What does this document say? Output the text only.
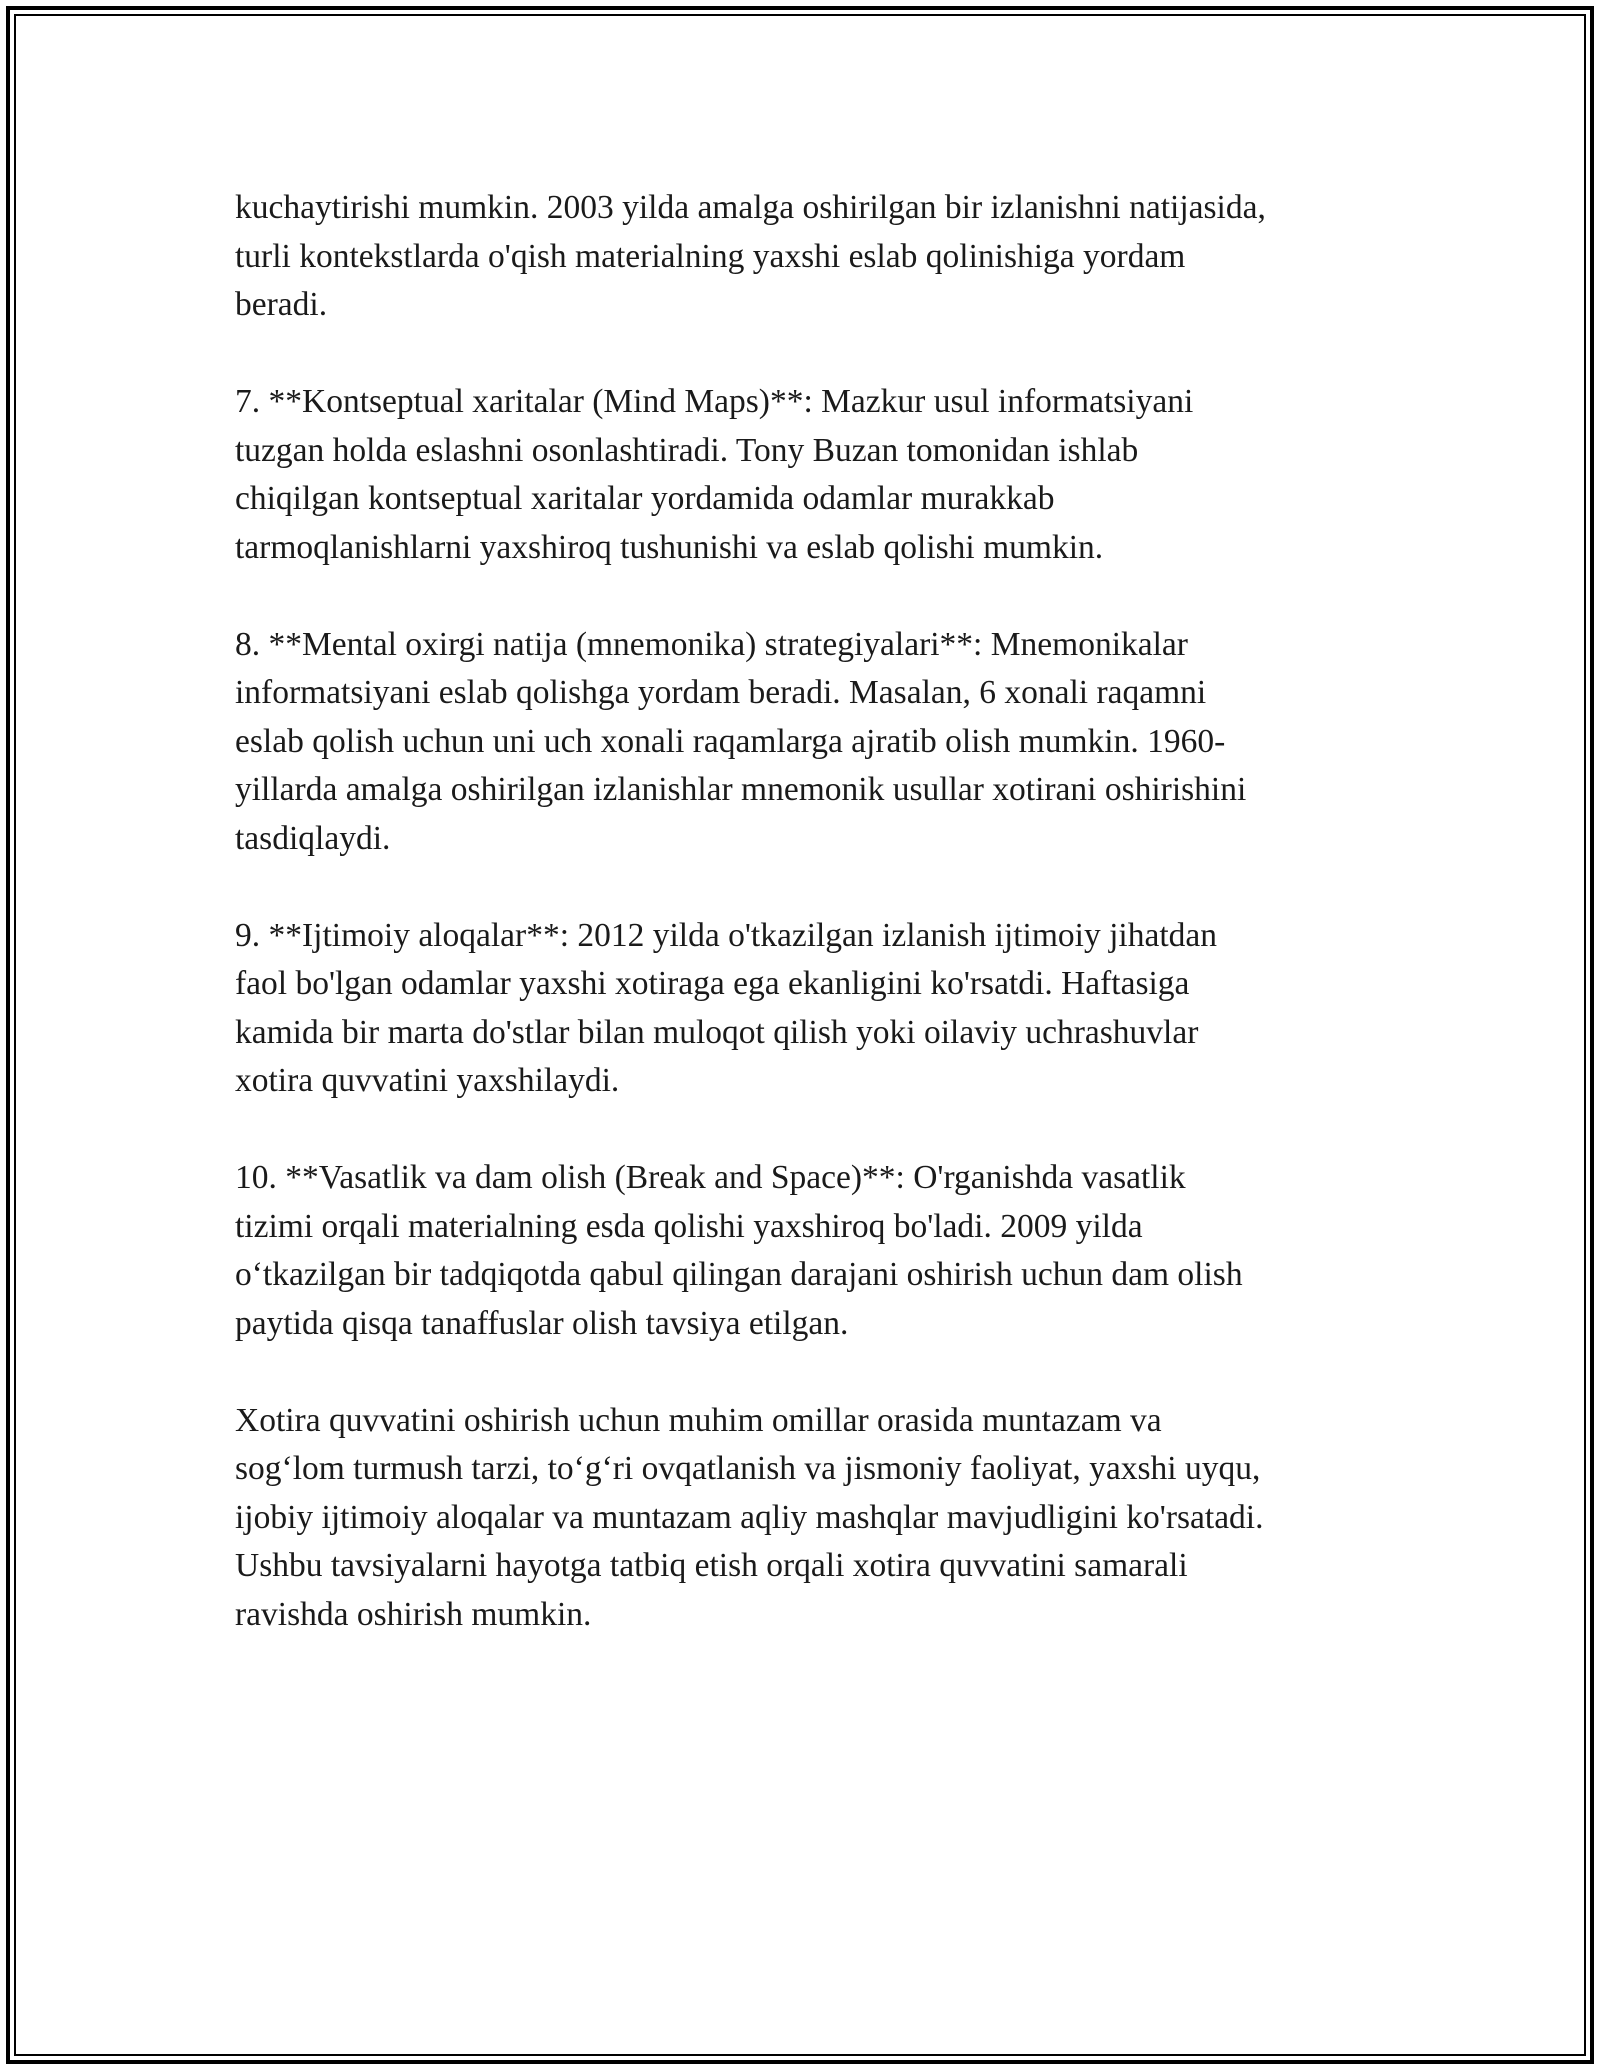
kuchaytirishi mumkin. 2003 yilda amalga oshirilgan bir izlanishni natijasida,
turli kontekstlarda o'qish materialning yaxshi eslab qolinishiga yordam
beradi.

7. **Kontseptual xaritalar (Mind Maps)**: Mazkur usul informatsiyani
tuzgan holda eslashni osonlashtiradi. Tony Buzan tomonidan ishlab
chiqilgan kontseptual xaritalar yordamida odamlar murakkab
tarmoqlanishlarni yaxshiroq tushunishi va eslab qolishi mumkin.

8. **Mental oxirgi natija (mnemonika) strategiyalari**: Mnemonikalar
informatsiyani eslab qolishga yordam beradi. Masalan, 6 xonali raqamni
eslab qolish uchun uni uch xonali raqamlarga ajratib olish mumkin. 1960-
yillarda amalga oshirilgan izlanishlar mnemonik usullar xotirani oshirishini
tasdiqlaydi.

9. **Ijtimoiy aloqalar**: 2012 yilda o'tkazilgan izlanish ijtimoiy jihatdan
faol bo'lgan odamlar yaxshi xotiraga ega ekanligini ko'rsatdi. Haftasiga
kamida bir marta do'stlar bilan muloqot qilish yoki oilaviy uchrashuvlar
xotira quvvatini yaxshilaydi.

10. **Vasatlik va dam olish (Break and Space)**: O'rganishda vasatlik
tizimi orqali materialning esda qolishi yaxshiroq bo'ladi. 2009 yilda
o‘tkazilgan bir tadqiqotda qabul qilingan darajani oshirish uchun dam olish
paytida qisqa tanaffuslar olish tavsiya etilgan.

Xotira quvvatini oshirish uchun muhim omillar orasida muntazam va
sog‘lom turmush tarzi, to‘g‘ri ovqatlanish va jismoniy faoliyat, yaxshi uyqu,
ijobiy ijtimoiy aloqalar va muntazam aqliy mashqlar mavjudligini ko'rsatadi.
Ushbu tavsiyalarni hayotga tatbiq etish orqali xotira quvvatini samarali
ravishda oshirish mumkin.
